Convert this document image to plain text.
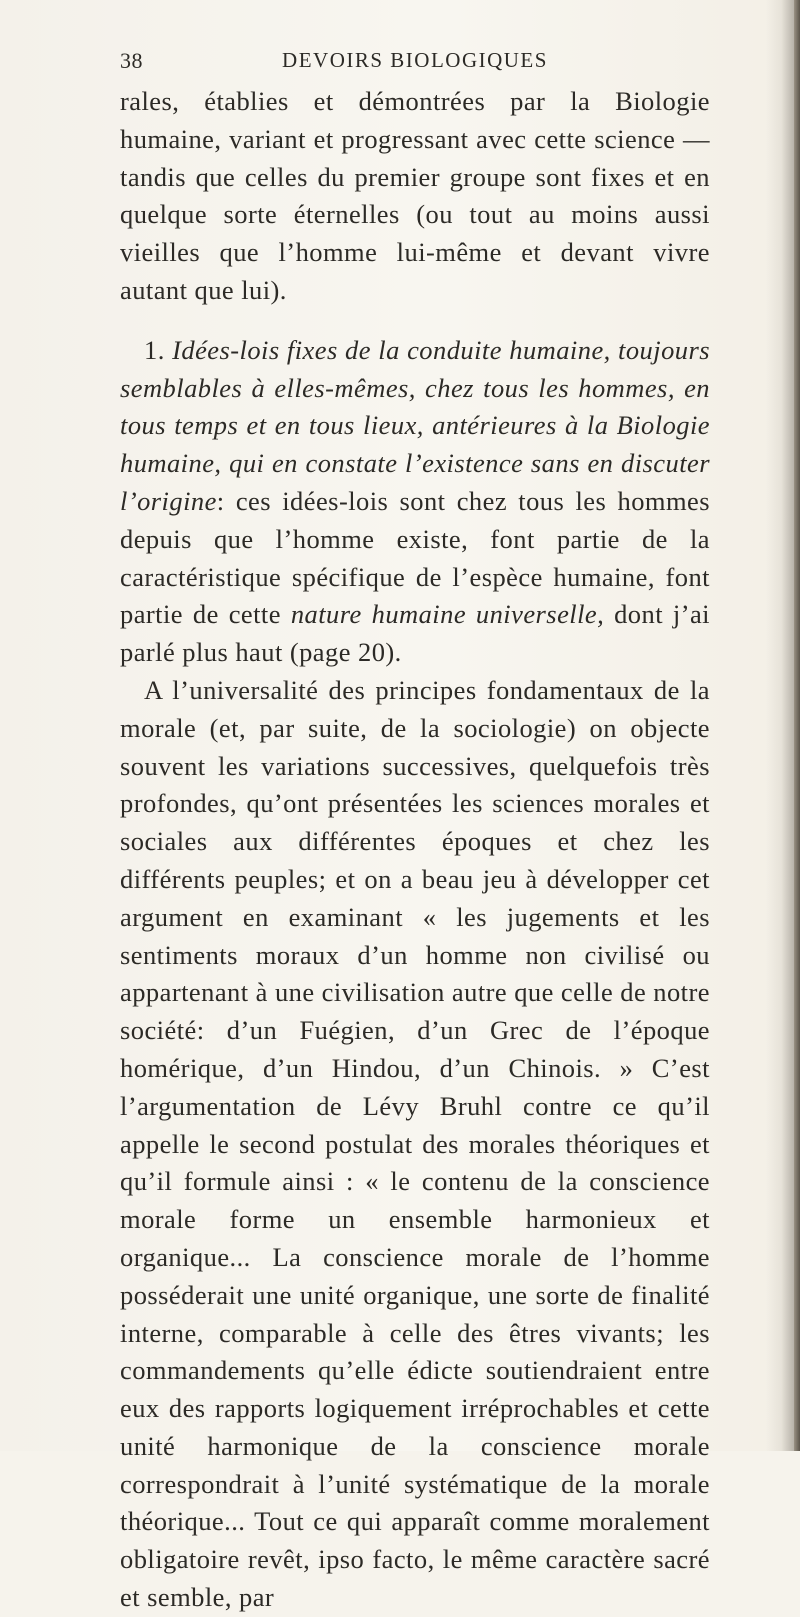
38	DEVOIRS BIOLOGIQUES

rales, établies et démontrées par la Biologie humaine, variant et progressant avec cette science — tandis que celles du premier groupe sont fixes et en quelque sorte éternelles (ou tout au moins aussi vieilles que l’homme lui-même et devant vivre autant que lui).

1. Idées-lois fixes de la conduite humaine, toujours semblables à elles-mêmes, chez tous les hommes, en tous temps et en tous lieux, antérieures à la Biologie humaine, qui en constate l’existence sans en discuter l’origine: ces idées-lois sont chez tous les hommes depuis que l’homme existe, font partie de la caractéristique spécifique de l’espèce humaine, font partie de cette nature humaine universelle, dont j’ai parlé plus haut (page 20).

A l’universalité des principes fondamentaux de la morale (et, par suite, de la sociologie) on objecte souvent les variations successives, quelquefois très profondes, qu’ont présentées les sciences morales et sociales aux différentes époques et chez les différents peuples; et on a beau jeu à développer cet argument en examinant « les jugements et les sentiments moraux d’un homme non civilisé ou appartenant à une civilisation autre que celle de notre société: d’un Fuégien, d’un Grec de l’époque homérique, d’un Hindou, d’un Chinois. » C’est l’argumentation de Lévy Bruhl contre ce qu’il appelle le second postulat des morales théoriques et qu’il formule ainsi : « le contenu de la conscience morale forme un ensemble harmonieux et organique... La conscience morale de l’homme posséderait une unité organique, une sorte de finalité interne, comparable à celle des êtres vivants; les commandements qu’elle édicte soutiendraient entre eux des rapports logiquement irréprochables et cette unité harmonique de la conscience morale correspondrait à l’unité systématique de la morale théorique... Tout ce qui apparaît comme moralement obligatoire revêt, ipso facto, le même caractère sacré et semble, par
